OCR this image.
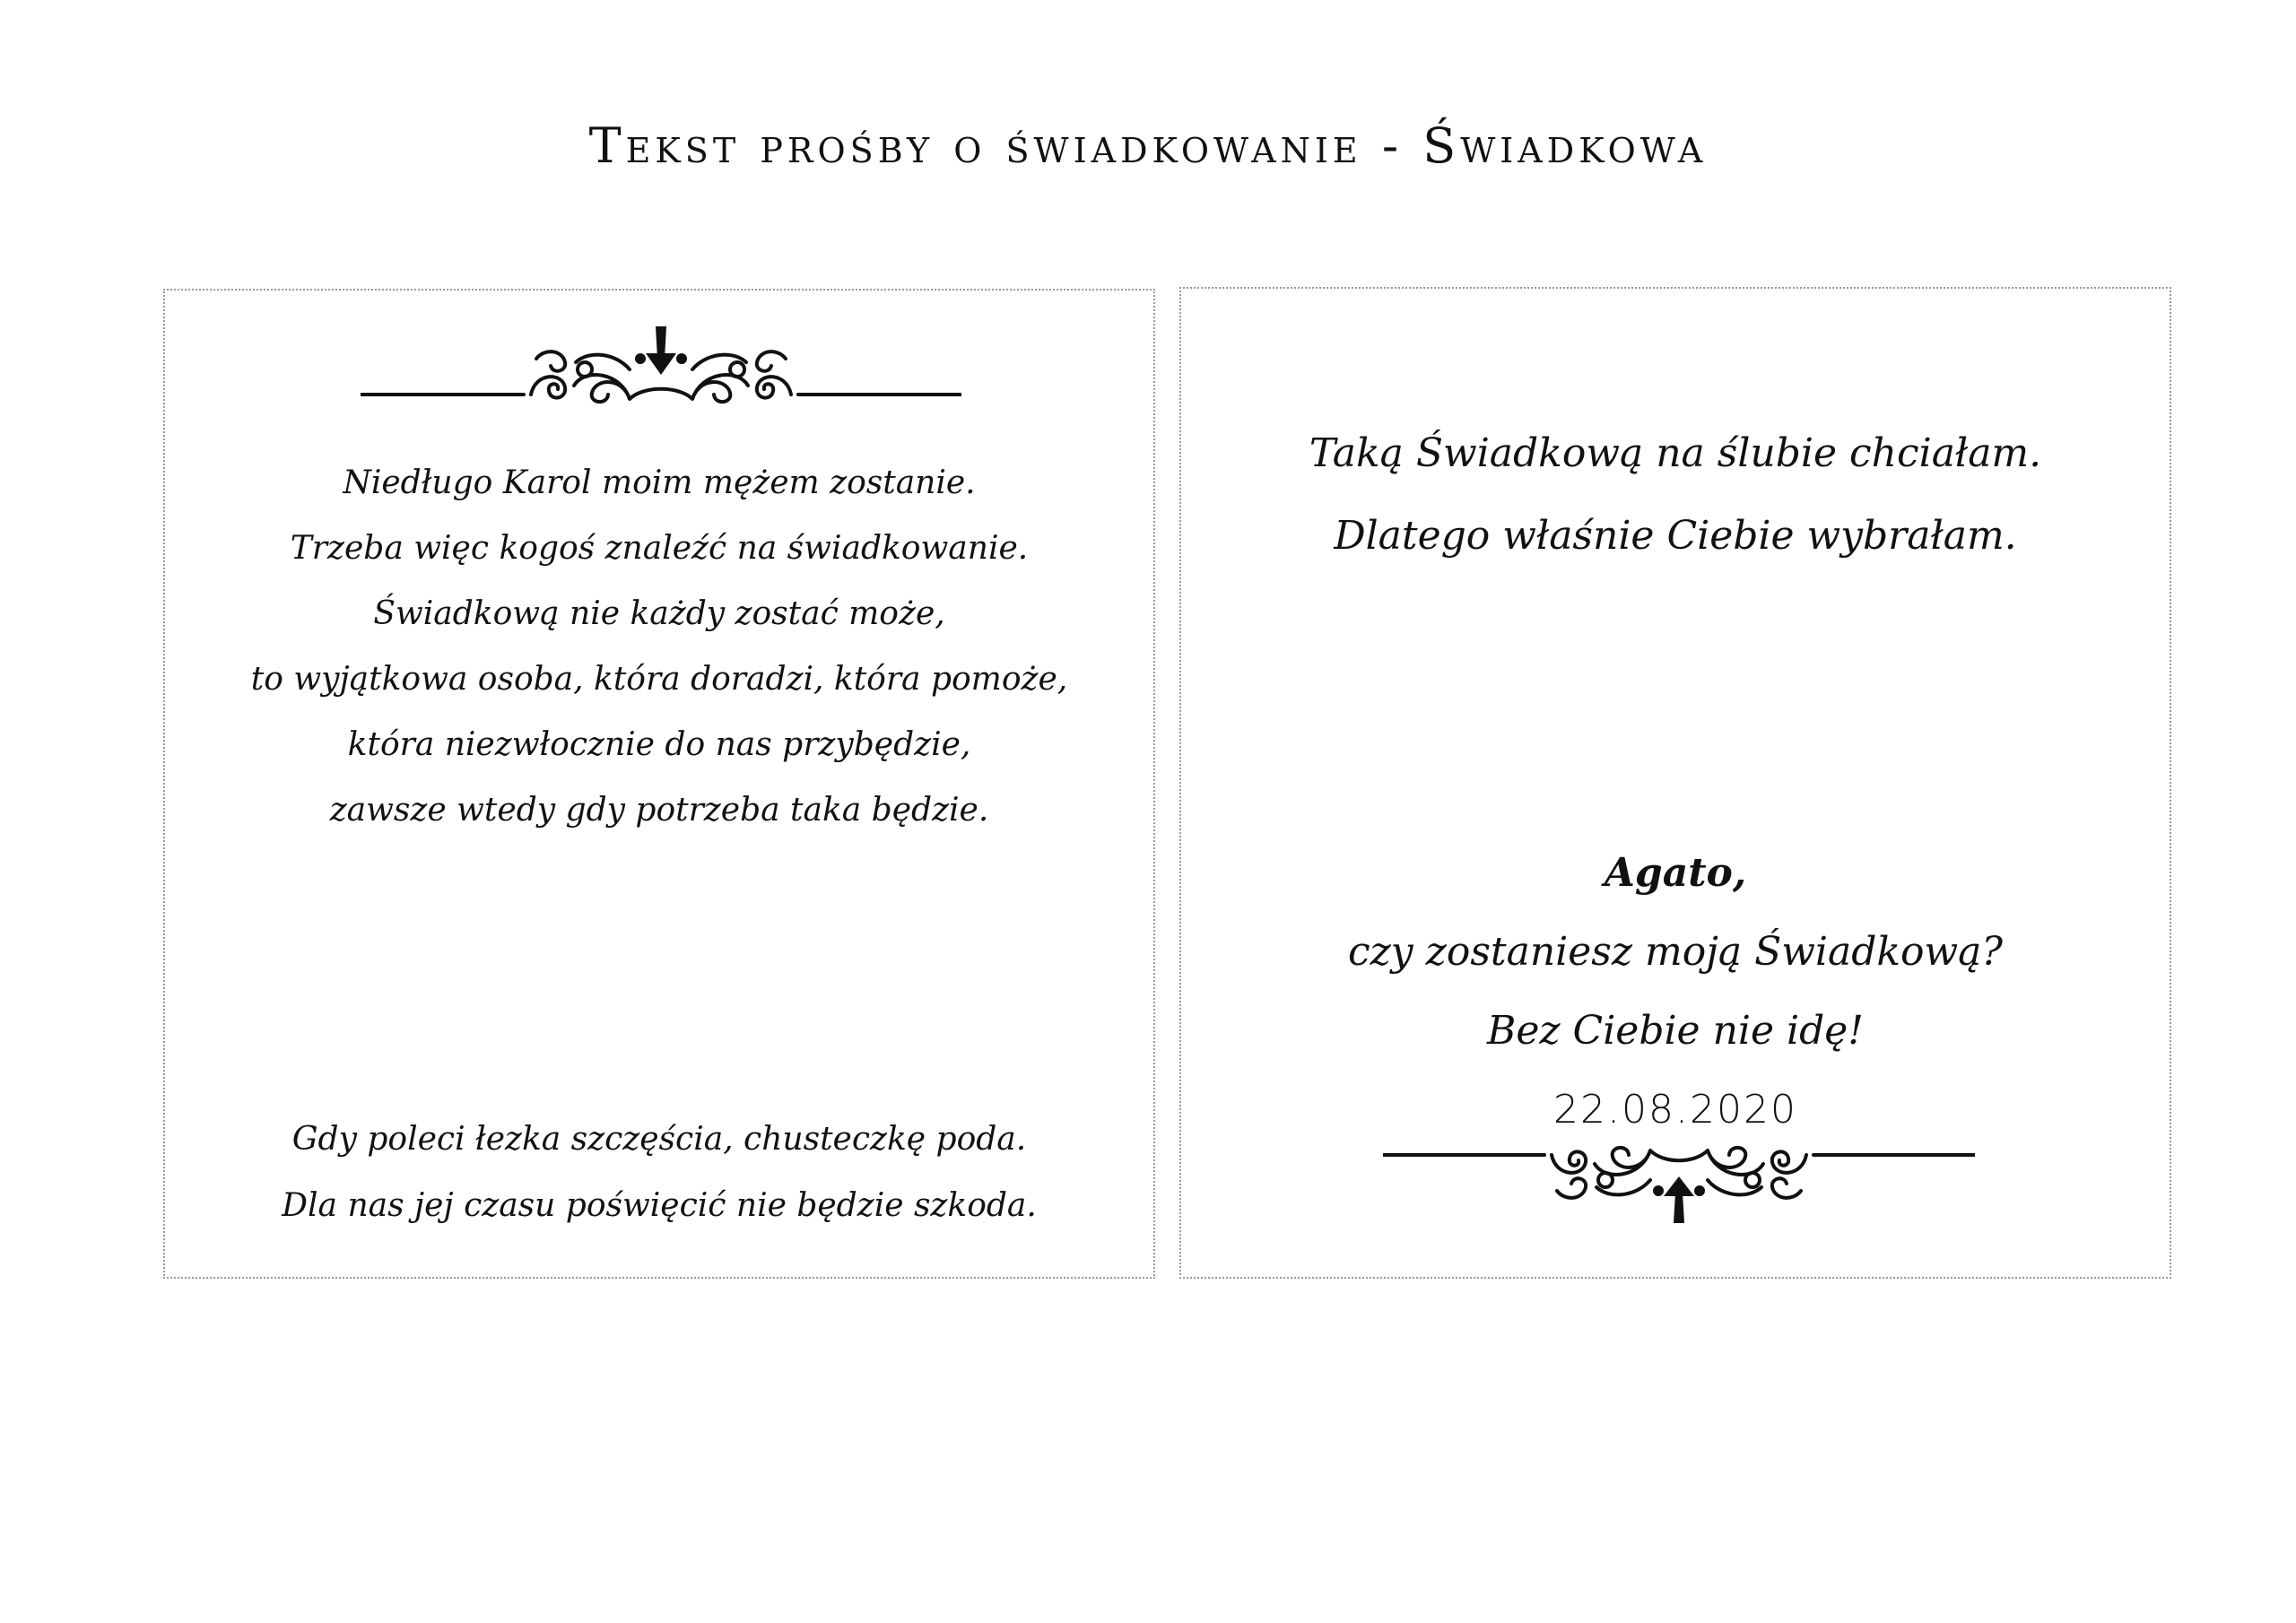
Tekst prośby o świadkowanie - Świadkowa

Niedługo Karol moim mężem zostanie.

Trzeba więc kogoś znaleźć na świadkowanie.

Świadkową nie każdy zostać może,

to wyjątkowa osoba, która doradzi, która pomoże,

która niezwłocznie do nas przybędzie,

zawsze wtedy gdy potrzeba taka będzie.

Gdy poleci łezka szczęścia, chusteczkę poda.

Dla nas jej czasu poświęcić nie będzie szkoda.

Taką Świadkową na ślubie chciałam.

Dlatego właśnie Ciebie wybrałam.

Agato,

czy zostaniesz moją Świadkową?

Bez Ciebie nie idę!

22.08.2020
